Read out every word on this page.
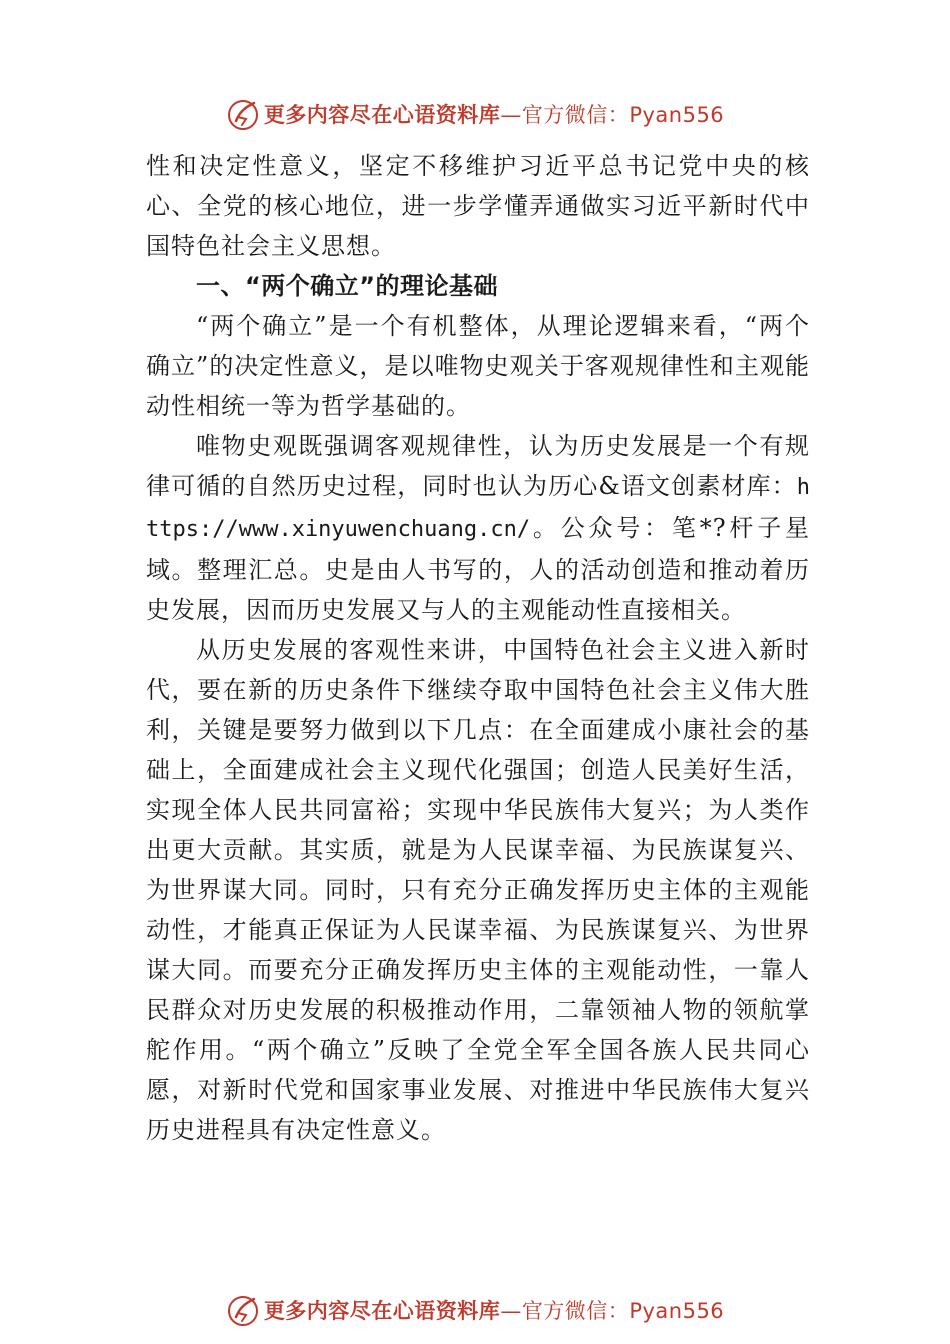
更多内容尽在心语资料库—官方微信：Pyan556

性和决定性意义，坚定不移维护习近平总书记党中央的核心、全党的核心地位，进一步学懂弄通做实习近平新时代中国特色社会主义思想。

一、“两个确立”的理论基础

“两个确立”是一个有机整体，从理论逻辑来看，“两个确立”的决定性意义，是以唯物史观关于客观规律性和主观能动性相统一等为哲学基础的。

唯物史观既强调客观规律性，认为历史发展是一个有规律可循的自然历史过程，同时也认为历心&语文创素材库：https://www.xinyuwenchuang.cn/。公众号：笔*?杆子星域。整理汇总。史是由人书写的，人的活动创造和推动着历史发展，因而历史发展又与人的主观能动性直接相关。

从历史发展的客观性来讲，中国特色社会主义进入新时代，要在新的历史条件下继续夺取中国特色社会主义伟大胜利，关键是要努力做到以下几点：在全面建成小康社会的基础上，全面建成社会主义现代化强国；创造人民美好生活， 实现全体人民共同富裕；实现中华民族伟大复兴；为人类作出更大贡献。其实质，就是为人民谋幸福、为民族谋复兴、 为世界谋大同。同时，只有充分正确发挥历史主体的主观能动性，才能真正保证为人民谋幸福、为民族谋复兴、为世界谋大同。而要充分正确发挥历史主体的主观能动性，一靠人民群众对历史发展的积极推动作用，二靠领袖人物的领航掌舵作用。“两个确立”反映了全党全军全国各族人民共同心愿，对新时代党和国家事业发展、对推进中华民族伟大复兴历史进程具有决定性意义。

更多内容尽在心语资料库—官方微信：Pyan556
